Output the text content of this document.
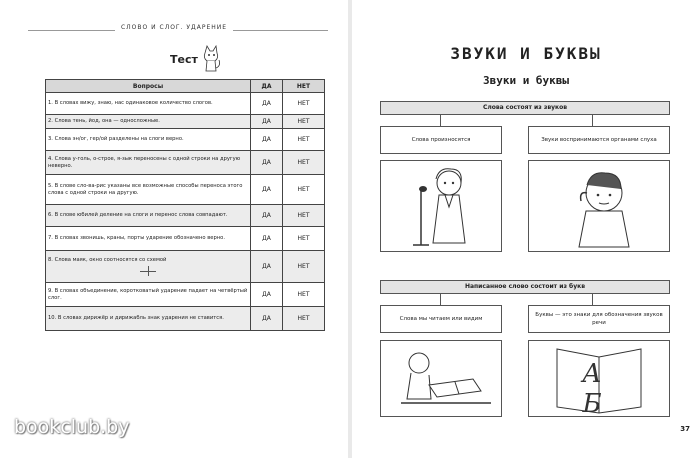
СЛОВО И СЛОГ. УДАРЕНИЕ
Тест
Вопросы	ДА	НЕТ
1. В словах вижу, знаю, нас одинаковое количество слогов.	ДА	НЕТ
2. Слова тень, йод, она — односложные.	ДА	НЕТ
3. Слова эн/ог, гер/ой разделены на слоги верно.	ДА	НЕТ
4. Слова у-голь, о-строе, я-зык переносены с одной строки на другую неверно.	ДА	НЕТ
5. В слове сло-ва-рис указаны все возможные способы переноса этого слова с одной строки на другую.	ДА	НЕТ
6. В слове юбилей деление на слоги и перенос слова совпадают.	ДА	НЕТ
7. В словах звонишь, краны, порты ударение обозначено верно.	ДА	НЕТ
8. Слова маяк, окно соотносятся со схемой	ДА	НЕТ
9. В словах объединение, коротковатый ударение падает на четвёртый слог.	ДА	НЕТ
10. В словах дирижёр и дирижабль знак ударения не ставится.	ДА	НЕТ
ЗВУКИ И БУКВЫ
Звуки и буквы
Слова состоят из звуков
Слова произносятся	Звуки воспринимаются органами слуха
Написанное слово состоит из букв
Слова мы читаем или видим
Буквы — это знаки для обозначения звуков речи
А Б
37
bookclub.by
